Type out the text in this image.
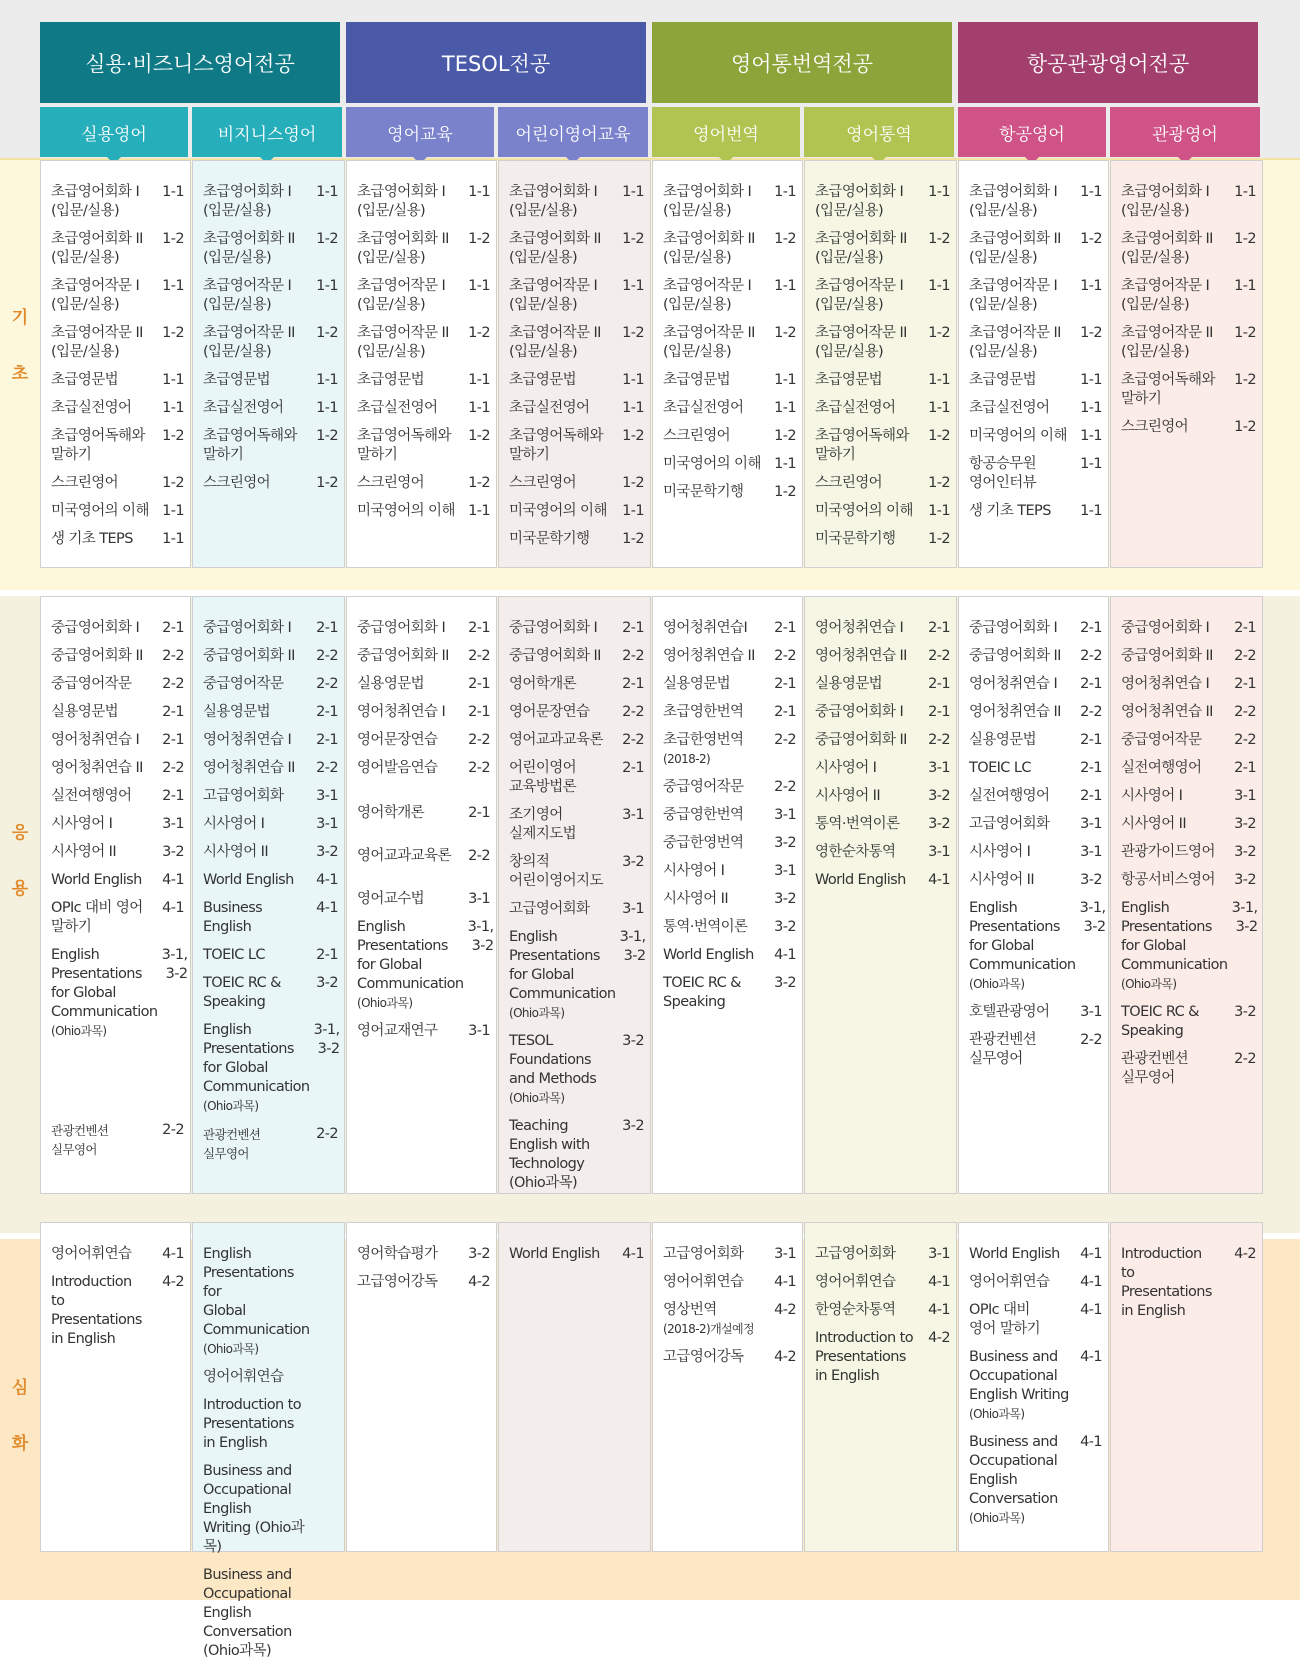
기
초
응
용
심
화
실용·비즈니스영어전공
실용영어
초급영어회화 I
(입문/실용)
1-1
초급영어회화 II
(입문/실용)
1-2
초급영어작문 I
(입문/실용)
1-1
초급영어작문 II
(입문/실용)
1-2
초급영문법	1-1
초급실전영어	1-1
초급영어독해와
말하기
1-2
스크린영어	1-2
미국영어의 이해 1-1
생 기초 TEPS	1-1
중급영어회화 I	2-1
중급영어회화 II	2-2
중급영어작문	2-2
실용영문법	2-1
영어청취연습 I	2-1
영어청취연습 II	2-2
실전여행영어	2-1
시사영어 I	3-1
시사영어 II	3-2
World English	4-1
OPIc 대비 영어
말하기
4-1
English
Presentations
for Global
Communication
(Ohio과목)
3-1,
3-2
관광컨벤션
실무영어
2-2
영어어휘연습	4-1
Introduction
to Presentations
in English
4-2
비지니스영어
초급영어회화 I
(입문/실용)
1-1
초급영어회화 II
(입문/실용)
1-2
초급영어작문 I
(입문/실용)
1-1
초급영어작문 II
(입문/실용)
1-2
초급영문법	1-1
초급실전영어	1-1
초급영어독해와
말하기
1-2
스크린영어	1-2
중급영어회화 I	2-1
중급영어회화 II	2-2
중급영어작문	2-2
실용영문법	2-1
영어청취연습 I	2-1
영어청취연습 II	2-2
고급영어회화	3-1
시사영어 I	3-1
시사영어 II	3-2
World English	4-1
Business
English
4-1
TOEIC LC	2-1
TOEIC RC &
Speaking
3-2
English
Presentations
for Global
Communication
(Ohio과목)
3-1,
3-2
관광컨벤션
실무영어
2-2
English
Presentations for
Global Communication
(Ohio과목)
영어어휘연습
Introduction to
Presentations
in English
Business and
Occupational English
Writing (Ohio과목)
Business and
Occupational English
Conversation (Ohio과목)
TESOL전공
영어교육
초급영어회화 I
(입문/실용)
1-1
초급영어회화 II
(입문/실용)
1-2
초급영어작문 I
(입문/실용)
1-1
초급영어작문 II
(입문/실용)
1-2
초급영문법	1-1
초급실전영어	1-1
초급영어독해와
말하기
1-2
스크린영어	1-2
미국영어의 이해 1-1
중급영어회화 I	2-1
중급영어회화 II	2-2
실용영문법	2-1
영어청취연습 I	2-1
영어문장연습	2-2
영어발음연습	2-2
영어학개론	2-1
영어교과교육론	2-2
영어교수법	3-1
English
Presentations
for Global
Communication
(Ohio과목)
3-1,
3-2
영어교재연구	3-1
영어학습평가	3-2
고급영어강독	4-2
어린이영어교육
초급영어회화 I
(입문/실용)
1-1
초급영어회화 II
(입문/실용)
1-2
초급영어작문 I
(입문/실용)
1-1
초급영어작문 II
(입문/실용)
1-2
초급영문법	1-1
초급실전영어	1-1
초급영어독해와
말하기
1-2
스크린영어	1-2
미국영어의 이해	1-1
미국문학기행	1-2
중급영어회화 I	2-1
중급영어회화 II	2-2
영어학개론	2-1
영어문장연습	2-2
영어교과교육론	2-2
어린이영어
교육방법론
2-1
조기영어
실제지도법
3-1
창의적
어린이영어지도
3-2
고급영어회화	3-1
English
Presentations
for Global
Communication
(Ohio과목)
3-1,
3-2
TESOL
Foundations
and Methods
(Ohio과목)
3-2
Teaching
English with
Technology (Ohio과목)
3-2
World English	4-1
영어통번역전공
영어번역
초급영어회화 I
(입문/실용)
1-1
초급영어회화 II
(입문/실용)
1-2
초급영어작문 I
(입문/실용)
1-1
초급영어작문 II
(입문/실용)
1-2
초급영문법	1-1
초급실전영어	1-1
스크린영어	1-2
미국영어의 이해 1-1
미국문학기행	1-2
영어청취연습I	2-1
영어청취연습 II	2-2
실용영문법	2-1
초급영한번역	2-1
초급한영번역
(2018-2)
2-2
중급영어작문	2-2
중급영한번역	3-1
중급한영번역	3-2
시사영어 I	3-1
시사영어 II	3-2
통역·번역이론	3-2
World English	4-1
TOEIC RC &
Speaking
3-2
고급영어회화	3-1
영어어휘연습	4-1
영상번역
(2018-2)개설예정
4-2
고급영어강독	4-2
영어통역
초급영어회화 I
(입문/실용)
1-1
초급영어회화 II
(입문/실용)
1-2
초급영어작문 I
(입문/실용)
1-1
초급영어작문 II
(입문/실용)
1-2
초급영문법	1-1
초급실전영어	1-1
초급영어독해와
말하기
1-2
스크린영어	1-2
미국영어의 이해	1-1
미국문학기행	1-2
영어청취연습 I	2-1
영어청취연습 II	2-2
실용영문법	2-1
중급영어회화 I	2-1
중급영어회화 II	2-2
시사영어 I	3-1
시사영어 II	3-2
통역·번역이론	3-2
영한순차통역	3-1
World English	4-1
고급영어회화	3-1
영어어휘연습	4-1
한영순차통역	4-1
Introduction to
Presentations
in English
4-2
항공관광영어전공
항공영어
초급영어회화 I
(입문/실용)
1-1
초급영어회화 II
(입문/실용)
1-2
초급영어작문 I
(입문/실용)
1-1
초급영어작문 II
(입문/실용)
1-2
초급영문법	1-1
초급실전영어	1-1
미국영어의 이해 1-1
항공승무원
영어인터뷰
1-1
생 기초 TEPS	1-1
중급영어회화 I	2-1
중급영어회화 II	2-2
영어청취연습 I	2-1
영어청취연습 II	2-2
실용영문법	2-1
TOEIC LC	2-1
실전여행영어	2-1
고급영어회화	3-1
시사영어 I	3-1
시사영어 II	3-2
English
Presentations
for Global
Communication
(Ohio과목)
3-1,
3-2
호텔관광영어	3-1
관광컨벤션
실무영어
2-2
World English	4-1
영어어휘연습	4-1
OPIc 대비
영어 말하기
4-1
Business and
Occupational
English Writing
(Ohio과목)
4-1
Business and
Occupational
English
Conversation
(Ohio과목)
4-1
관광영어
초급영어회화 I
(입문/실용)
1-1
초급영어회화 II
(입문/실용)
1-2
초급영어작문 I
(입문/실용)
1-1
초급영어작문 II
(입문/실용)
1-2
초급영어독해와
말하기
1-2
스크린영어	1-2
중급영어회화 I	2-1
중급영어회화 II	2-2
영어청취연습 I	2-1
영어청취연습 II	2-2
중급영어작문	2-2
실전여행영어	2-1
시사영어 I	3-1
시사영어 II	3-2
관광가이드영어	3-2
항공서비스영어	3-2
English
Presentations
for Global
Communication
(Ohio과목)
3-1,
3-2
TOEIC RC &
Speaking
3-2
관광컨벤션
실무영어
2-2
Introduction
to Presentations
in English
4-2
